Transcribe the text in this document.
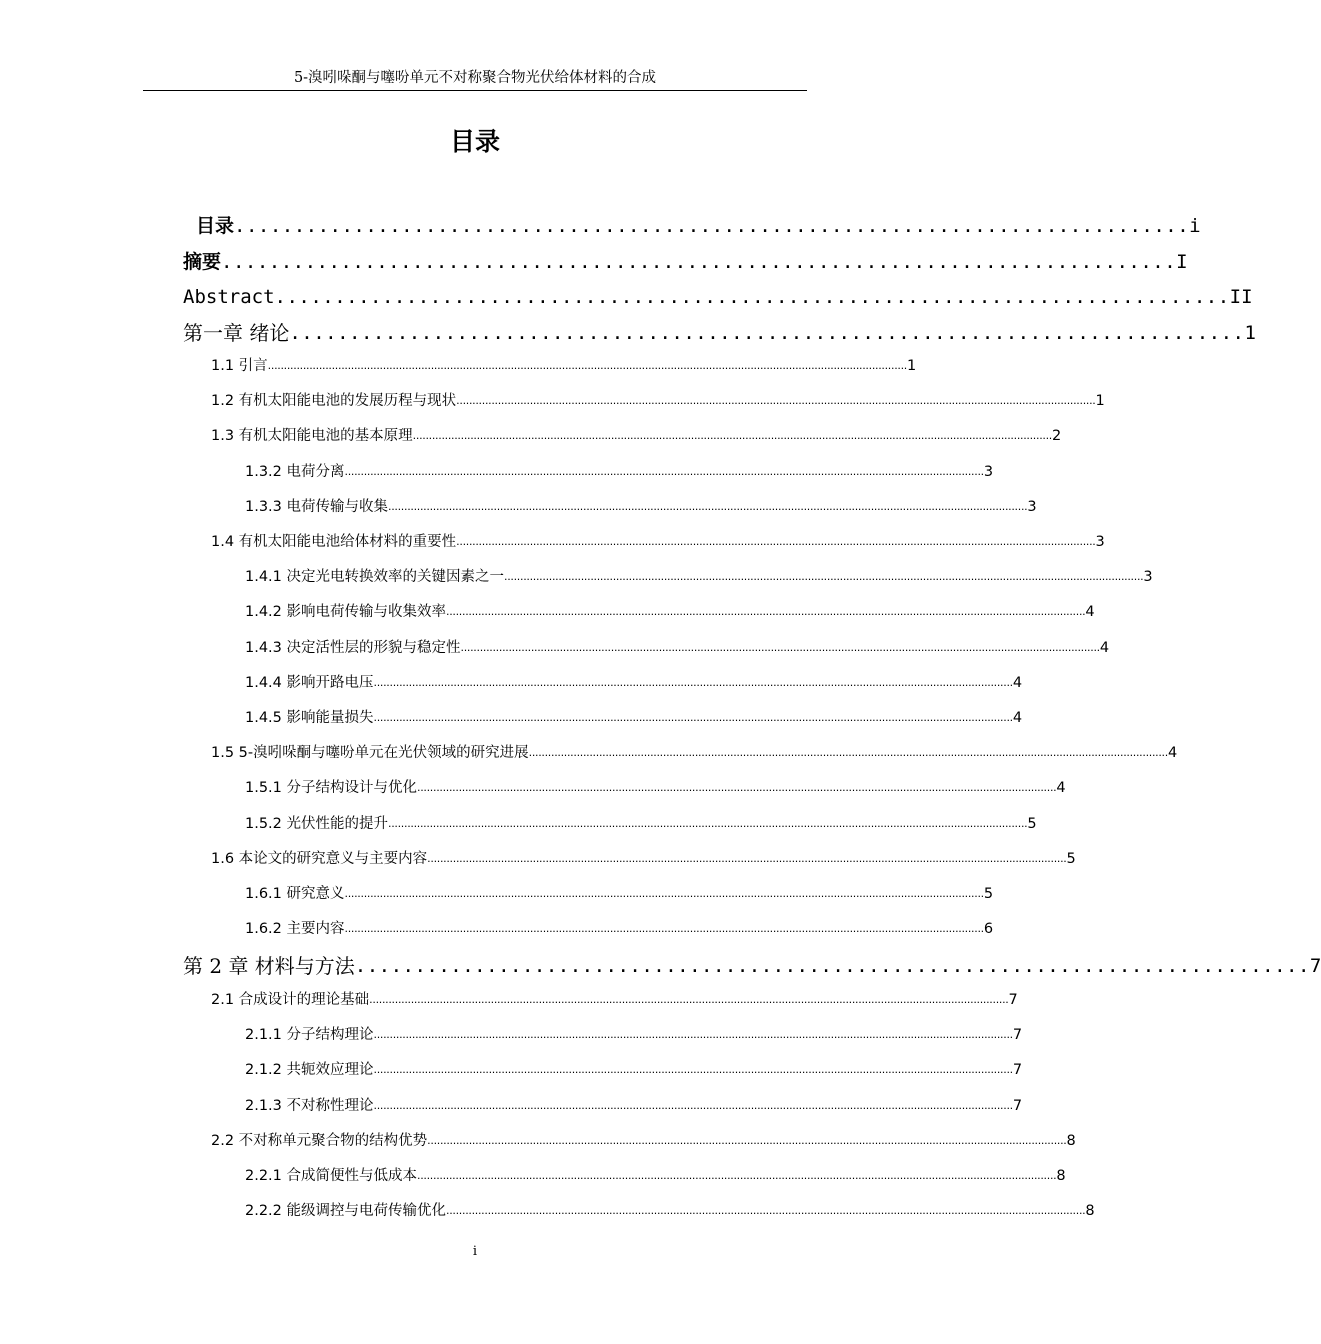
5-溴吲哚酮与噻吩单元不对称聚合物光伏给体材料的合成
目录
目录 ................................................................................ i
摘要 ................................................................................ I
Abstract ................................................................................ II
第一章 绪论 ................................................................................ 1
1.1 引言 ........................................................................................................................................................................................................ 1
1.2 有机太阳能电池的发展历程与现状 ........................................................................................................................................................................................................ 1
1.3 有机太阳能电池的基本原理 ........................................................................................................................................................................................................ 2
1.3.2 电荷分离 ........................................................................................................................................................................................................ 3
1.3.3 电荷传输与收集 ........................................................................................................................................................................................................ 3
1.4 有机太阳能电池给体材料的重要性 ........................................................................................................................................................................................................ 3
1.4.1 决定光电转换效率的关键因素之一 ........................................................................................................................................................................................................ 3
1.4.2 影响电荷传输与收集效率 ........................................................................................................................................................................................................ 4
1.4.3 决定活性层的形貌与稳定性 ........................................................................................................................................................................................................ 4
1.4.4 影响开路电压 ........................................................................................................................................................................................................ 4
1.4.5 影响能量损失 ........................................................................................................................................................................................................ 4
1.5 5-溴吲哚酮与噻吩单元在光伏领域的研究进展 ........................................................................................................................................................................................................ 4
1.5.1 分子结构设计与优化 ........................................................................................................................................................................................................ 4
1.5.2 光伏性能的提升 ........................................................................................................................................................................................................ 5
1.6 本论文的研究意义与主要内容 ........................................................................................................................................................................................................ 5
1.6.1 研究意义 ........................................................................................................................................................................................................ 5
1.6.2 主要内容 ........................................................................................................................................................................................................ 6
第 2 章 材料与方法 ................................................................................ 7
2.1 合成设计的理论基础 ........................................................................................................................................................................................................ 7
2.1.1 分子结构理论 ........................................................................................................................................................................................................ 7
2.1.2 共轭效应理论 ........................................................................................................................................................................................................ 7
2.1.3 不对称性理论 ........................................................................................................................................................................................................ 7
2.2 不对称单元聚合物的结构优势 ........................................................................................................................................................................................................ 8
2.2.1 合成简便性与低成本 ........................................................................................................................................................................................................ 8
2.2.2 能级调控与电荷传输优化 ........................................................................................................................................................................................................ 8
i
